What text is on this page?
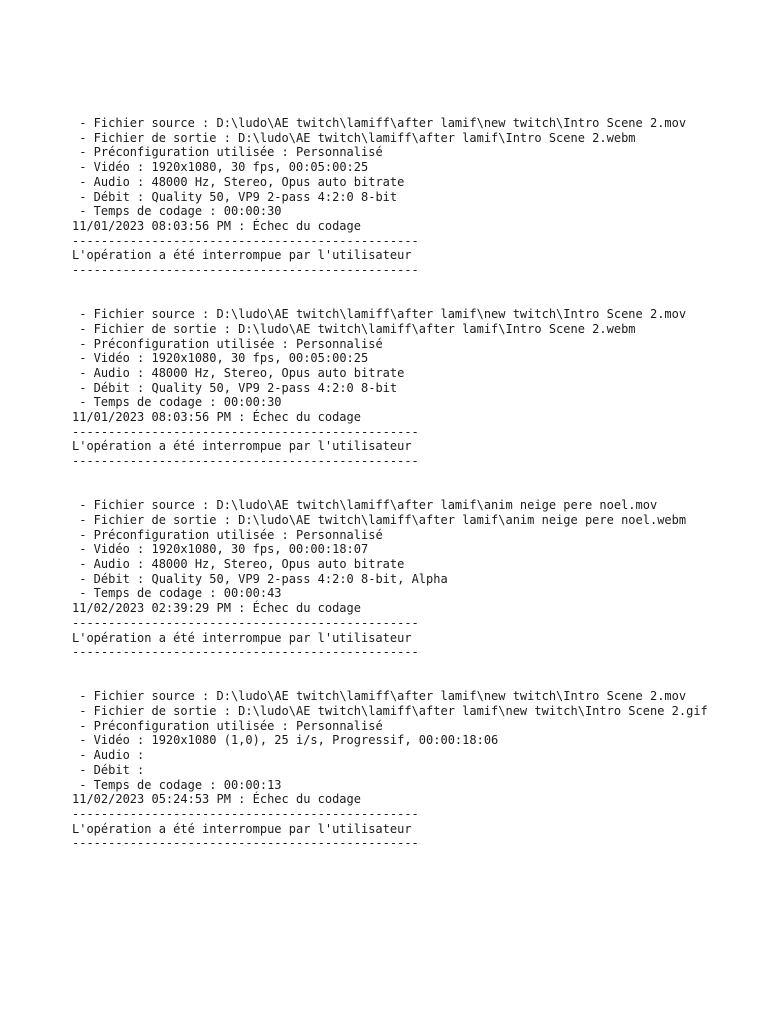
- Fichier source : D:\ludo\AE twitch\lamiff\after lamif\new twitch\Intro Scene 2.mov
- Fichier de sortie : D:\ludo\AE twitch\lamiff\after lamif\Intro Scene 2.webm
- Préconfiguration utilisée : Personnalisé
- Vidéo : 1920x1080, 30 fps, 00:05:00:25
- Audio : 48000 Hz, Stereo, Opus auto bitrate
- Débit : Quality 50, VP9 2-pass 4:2:0 8-bit
- Temps de codage : 00:00:30
11/01/2023 08:03:56 PM : Échec du codage
------------------------------------------------
L'opération a été interrompue par l'utilisateur
------------------------------------------------
- Fichier source : D:\ludo\AE twitch\lamiff\after lamif\new twitch\Intro Scene 2.mov
- Fichier de sortie : D:\ludo\AE twitch\lamiff\after lamif\Intro Scene 2.webm
- Préconfiguration utilisée : Personnalisé
- Vidéo : 1920x1080, 30 fps, 00:05:00:25
- Audio : 48000 Hz, Stereo, Opus auto bitrate
- Débit : Quality 50, VP9 2-pass 4:2:0 8-bit
- Temps de codage : 00:00:30
11/01/2023 08:03:56 PM : Échec du codage
------------------------------------------------
L'opération a été interrompue par l'utilisateur
------------------------------------------------
- Fichier source : D:\ludo\AE twitch\lamiff\after lamif\anim neige pere noel.mov
- Fichier de sortie : D:\ludo\AE twitch\lamiff\after lamif\anim neige pere noel.webm
- Préconfiguration utilisée : Personnalisé
- Vidéo : 1920x1080, 30 fps, 00:00:18:07
- Audio : 48000 Hz, Stereo, Opus auto bitrate
- Débit : Quality 50, VP9 2-pass 4:2:0 8-bit, Alpha
- Temps de codage : 00:00:43
11/02/2023 02:39:29 PM : Échec du codage
------------------------------------------------
L'opération a été interrompue par l'utilisateur
------------------------------------------------
- Fichier source : D:\ludo\AE twitch\lamiff\after lamif\new twitch\Intro Scene 2.mov
- Fichier de sortie : D:\ludo\AE twitch\lamiff\after lamif\new twitch\Intro Scene 2.gif
- Préconfiguration utilisée : Personnalisé
- Vidéo : 1920x1080 (1,0), 25 i/s, Progressif, 00:00:18:06
- Audio :
- Débit :
- Temps de codage : 00:00:13
11/02/2023 05:24:53 PM : Échec du codage
------------------------------------------------
L'opération a été interrompue par l'utilisateur
------------------------------------------------
